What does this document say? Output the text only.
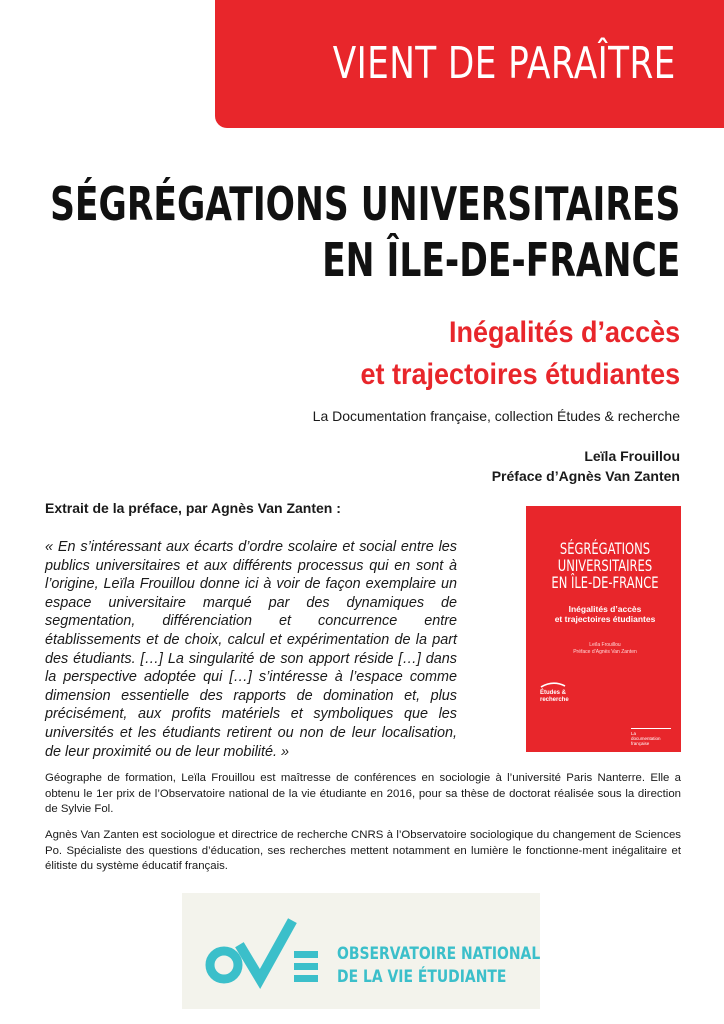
VIENT DE PARAÎTRE
SÉGRÉGATIONS UNIVERSITAIRES
EN ÎLE-DE-FRANCE
Inégalités d’accès
et trajectoires étudiantes
La Documentation française, collection Études & recherche
Leïla Frouillou
Préface d’Agnès Van Zanten
Extrait de la préface, par Agnès Van Zanten :
« En s’intéressant aux écarts d’ordre scolaire et social entre les publics universitaires et aux différents processus qui en sont à l’origine, Leïla Frouillou donne ici à voir de façon exemplaire un espace universitaire marqué par des dynamiques de segmentation, différenciation et concurrence entre établissements et de choix, calcul et expérimentation de la part des étudiants. […] La singularité de son apport réside […] dans la perspective adoptée qui […] s’intéresse à l’espace comme dimension essentielle des rapports de domination et, plus précisément, aux profits matériels et symboliques que les universités et les étudiants retirent ou non de leur localisation, de leur proximité ou de leur mobilité. »
SÉGRÉGATIONS
UNIVERSITAIRES
EN ÎLE-DE-FRANCE
Inégalités d’accès
et trajectoires étudiantes
Leïla Frouillou
Préface d’Agnès Van Zanten
Études &
recherche
La
documentation
française
Géographe de formation, Leïla Frouillou est maîtresse de conférences en sociologie à l’université Paris Nanterre. Elle a obtenu le 1er prix de l’Observatoire national de la vie étudiante en 2016, pour sa thèse de doctorat réalisée sous la direction de Sylvie Fol.
Agnès Van Zanten est sociologue et directrice de recherche CNRS à l’Observatoire sociologique du changement de Sciences Po. Spécialiste des questions d’éducation, ses recherches mettent notamment en lumière le fonctionne-ment inégalitaire et élitiste du système éducatif français.
OBSERVATOIRE NATIONAL
DE LA VIE ÉTUDIANTE
